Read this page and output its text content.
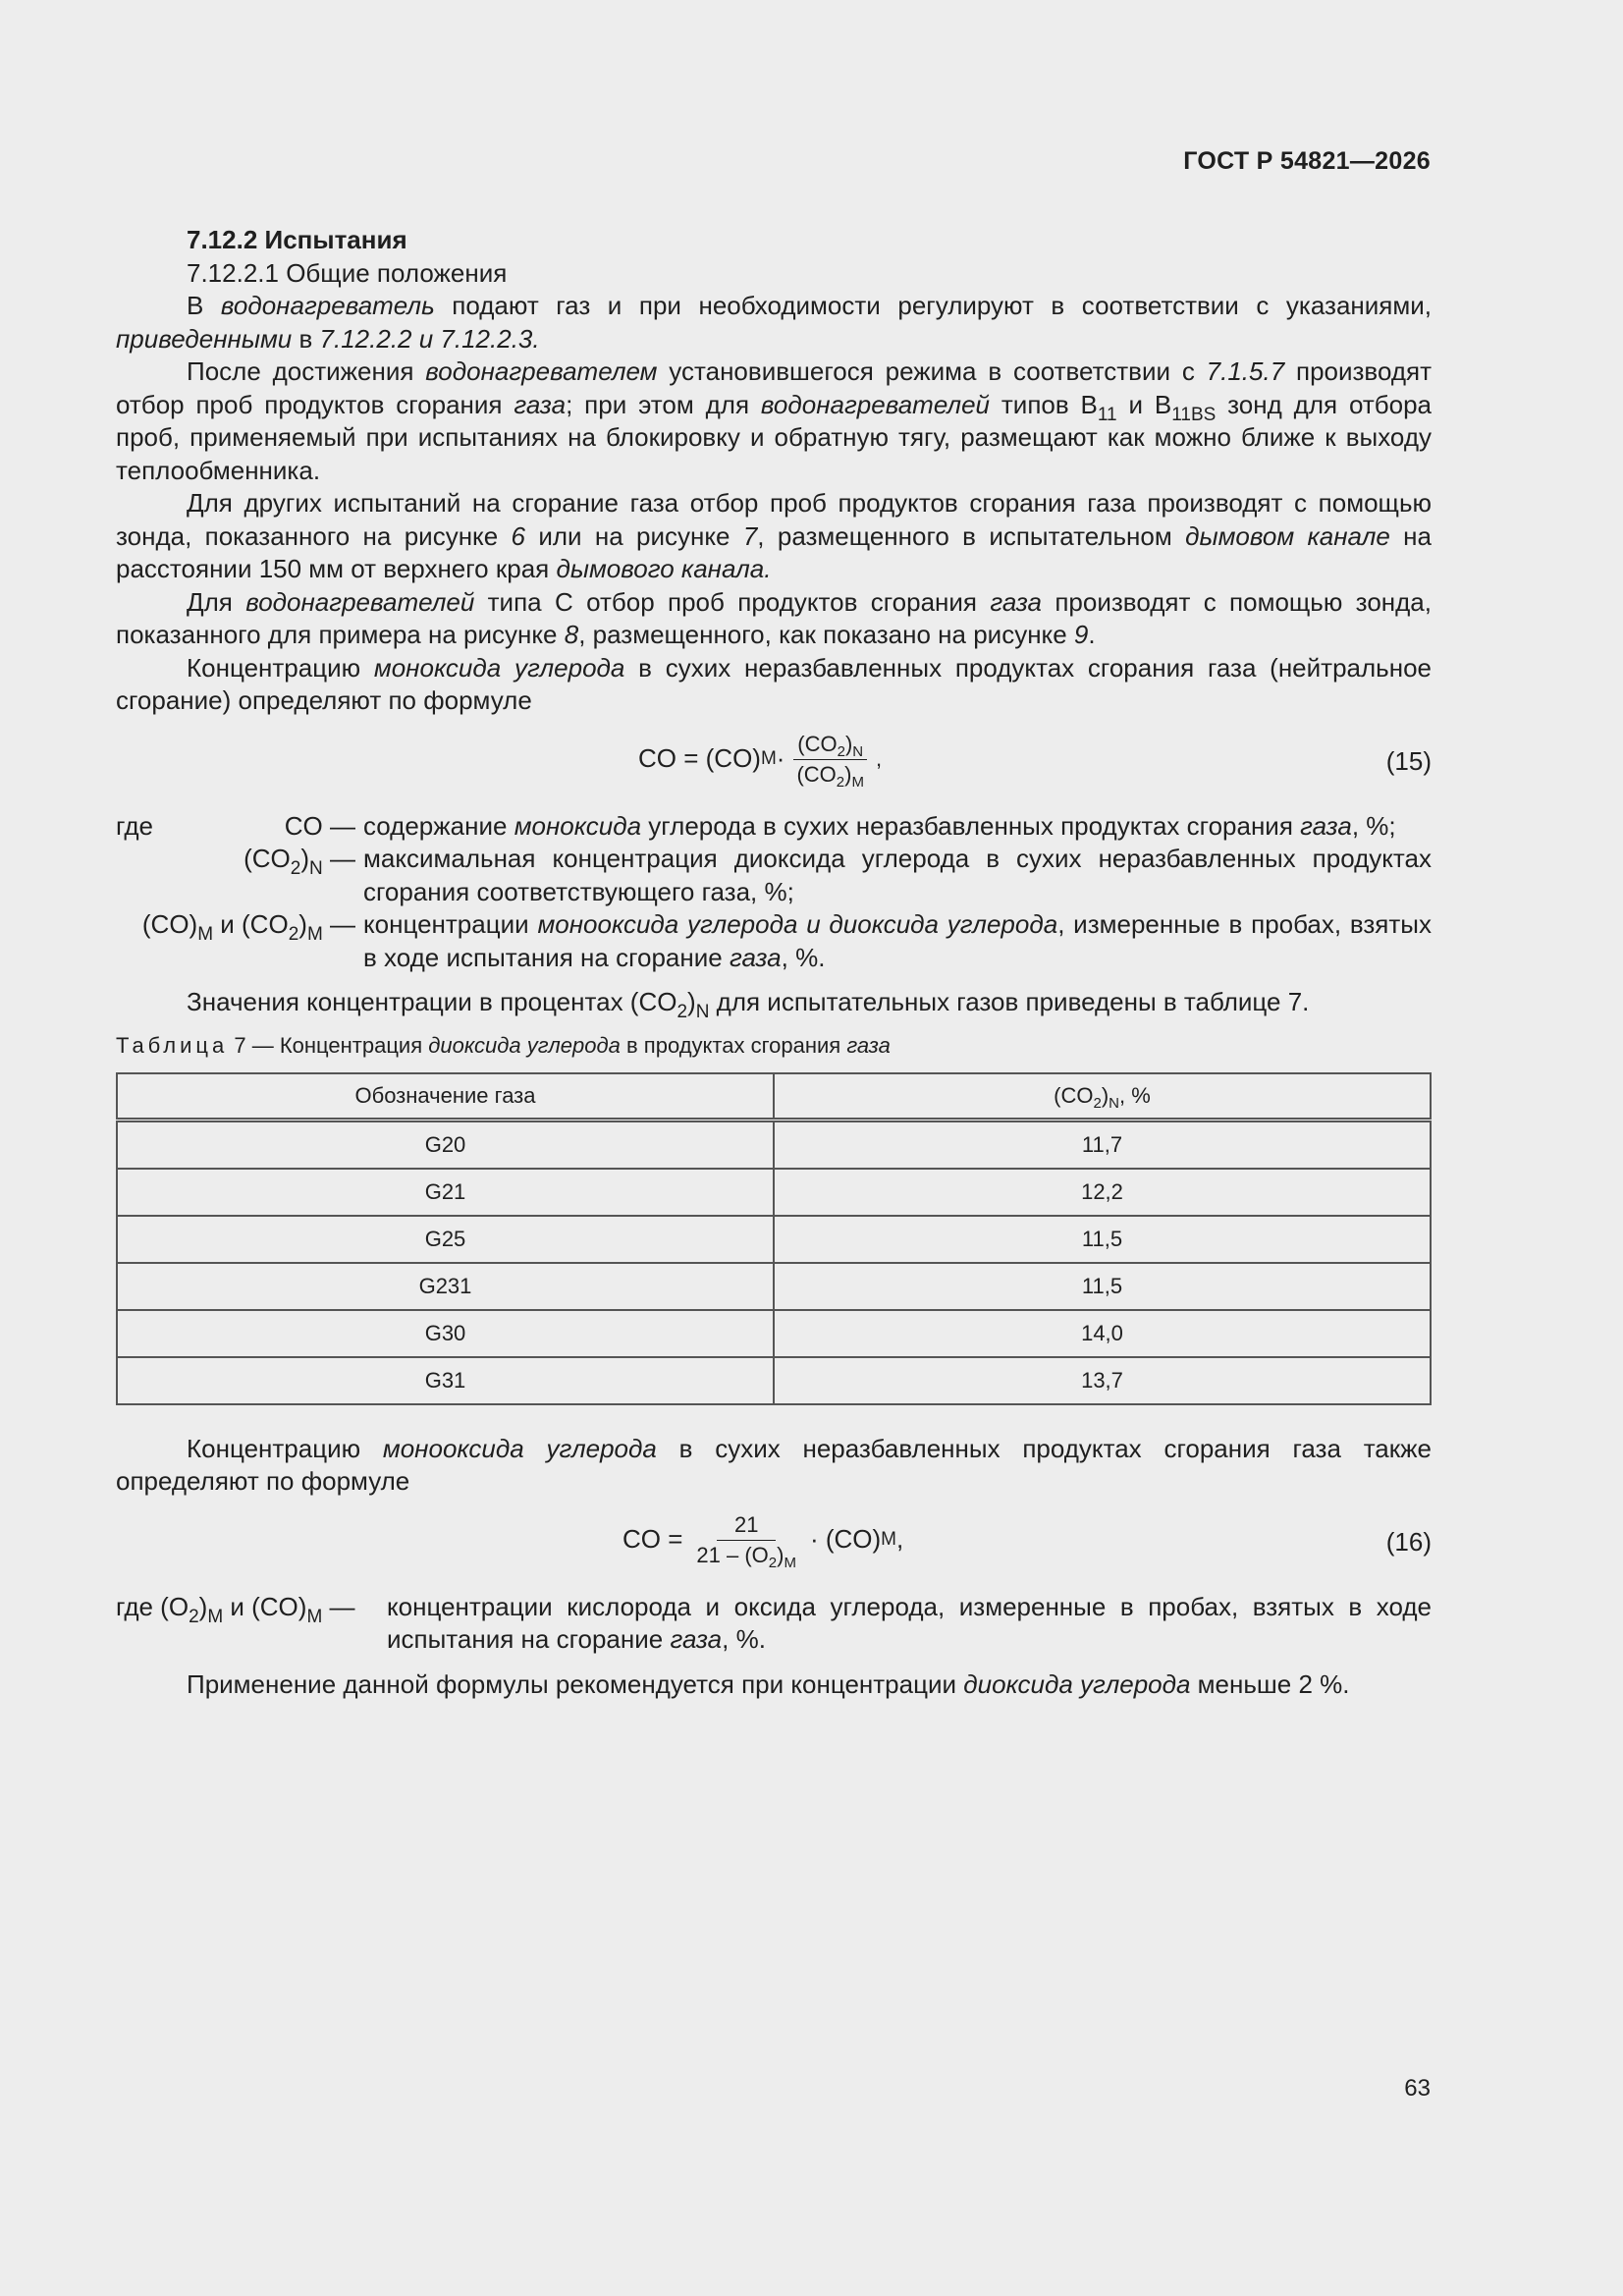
ГОСТ Р 54821—2026
7.12.2 Испытания
7.12.2.1 Общие положения

В водонагреватель подают газ и при необходимости регулируют в соответствии с указаниями, приведенными в 7.12.2.2 и 7.12.2.3.

После достижения водонагревателем установившегося режима в соответствии с 7.1.5.7 производят отбор проб продуктов сгорания газа; при этом для водонагревателей типов $B_{11}$ и $B_{11BS}$ зонд для отбора проб, применяемый при испытаниях на блокировку и обратную тягу, размещают как можно ближе к выходу теплообменника.

Для других испытаний на сгорание газа отбор проб продуктов сгорания газа производят с помощью зонда, показанного на рисунке 6 или на рисунке 7, размещенного в испытательном дымовом канале на расстоянии 150 мм от верхнего края дымового канала.

Для водонагревателей типа C отбор проб продуктов сгорания газа производят с помощью зонда, показанного для примера на рисунке 8, размещенного, как показано на рисунке 9.

Концентрацию моноксида углерода в сухих неразбавленных продуктах сгорания газа (нейтральное сгорание) определяют по формуле

CO = (CO) $M \cdot \frac{(CO_2)_N}{(CO_2)_M}$ ,	(15)
где	CO — содержание моноксида углерода в сухих неразбавленных продуктах сгорания газа, %;
$(CO_2)_N$ — максимальная концентрация диоксида углерода в сухих неразбавленных продуктах сгорания соответствующего газа, %;
$(CO)_M$ и $(CO_2)_M$ — концентрации монооксида углерода и диоксида углерода, измеренные в пробах, взятых в ходе испытания на сгорание газа, %.

Значения концентрации в процентах $(CO_2)_N$ для испытательных газов приведены в таблице 7.

Таблица 7 — Концентрация диоксида углерода в продуктах сгорания газа
Обозначение газа	$(CO_2)_N$, %
G20	11,7
G21	12,2
G25	11,5
G231	11,5
G30	14,0
G31	13,7

Концентрацию монооксида углерода в сухих неразбавленных продуктах сгорания газа также определяют по формуле

CO = $\frac{21}{21 - (O_2)_M} \cdot (CO)$ M ,	(16)
где $(O_2)_M$ и $(CO)_M$ —	концентрации кислорода и оксида углерода, измеренные в пробах, взятых в ходе испытания на сгорание газа, %.

Применение данной формулы рекомендуется при концентрации диоксида углерода меньше 2 %.

63
